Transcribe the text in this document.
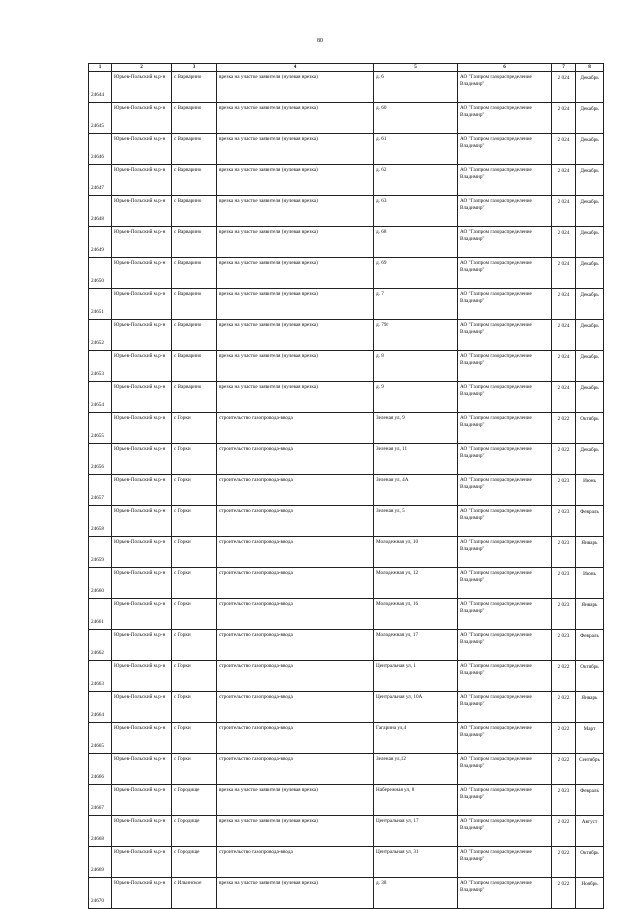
80
1	2	3	4	5	6	7	8
24644	Юрьев-Польский м.р-н	с Варварино	врезка на участке заявителя (нулевая врезка)	д. 6	АО "Газпром газораспределение Владимир"	2 024	Декабрь
24645	Юрьев-Польский м.р-н	с Варварино	врезка на участке заявителя (нулевая врезка)	д. 60	АО "Газпром газораспределение Владимир"	2 024	Декабрь
24646	Юрьев-Польский м.р-н	с Варварино	врезка на участке заявителя (нулевая врезка)	д. 61	АО "Газпром газораспределение Владимир"	2 024	Декабрь
24647	Юрьев-Польский м.р-н	с Варварино	врезка на участке заявителя (нулевая врезка)	д. 62	АО "Газпром газораспределение Владимир"	2 024	Декабрь
24648	Юрьев-Польский м.р-н	с Варварино	врезка на участке заявителя (нулевая врезка)	д. 63	АО "Газпром газораспределение Владимир"	2 024	Декабрь
24649	Юрьев-Польский м.р-н	с Варварино	врезка на участке заявителя (нулевая врезка)	д. 68	АО "Газпром газораспределение Владимир"	2 024	Декабрь
24650	Юрьев-Польский м.р-н	с Варварино	врезка на участке заявителя (нулевая врезка)	д. 69	АО "Газпром газораспределение Владимир"	2 024	Декабрь
24651	Юрьев-Польский м.р-н	с Варварино	врезка на участке заявителя (нулевая врезка)	д. 7	АО "Газпром газораспределение Владимир"	2 024	Декабрь
24652	Юрьев-Польский м.р-н	с Варварино	врезка на участке заявителя (нулевая врезка)	д. 79г	АО "Газпром газораспределение Владимир"	2 024	Декабрь
24653	Юрьев-Польский м.р-н	с Варварино	врезка на участке заявителя (нулевая врезка)	д. 8	АО "Газпром газораспределение Владимир"	2 024	Декабрь
24654	Юрьев-Польский м.р-н	с Варварино	врезка на участке заявителя (нулевая врезка)	д. 9	АО "Газпром газораспределение Владимир"	2 024	Декабрь
24655	Юрьев-Польский м.р-н	с Горки	строительство газопровода-ввода	Зеленая ул, 9	АО "Газпром газораспределение Владимир"	2 022	Октябрь
24656	Юрьев-Польский м.р-н	с Горки	строительство газопровода-ввода	Зеленая ул, 11	АО "Газпром газораспределение Владимир"	2 022	Декабрь
24657	Юрьев-Польский м.р-н	с Горки	строительство газопровода-ввода	Зеленая ул, 4А	АО "Газпром газораспределение Владимир"	2 023	Июнь
24658	Юрьев-Польский м.р-н	с Горки	строительство газопровода-ввода	Зеленая ул, 5	АО "Газпром газораспределение Владимир"	2 023	Февраль
24659	Юрьев-Польский м.р-н	с Горки	строительство газопровода-ввода	Молодежная ул, 10	АО "Газпром газораспределение Владимир"	2 023	Январь
24660	Юрьев-Польский м.р-н	с Горки	строительство газопровода-ввода	Молодежная ул, 12	АО "Газпром газораспределение Владимир"	2 023	Июнь
24661	Юрьев-Польский м.р-н	с Горки	строительство газопровода-ввода	Молодежная ул, 16	АО "Газпром газораспределение Владимир"	2 023	Январь
24662	Юрьев-Польский м.р-н	с Горки	строительство газопровода-ввода	Молодежная ул, 17	АО "Газпром газораспределение Владимир"	2 023	Февраль
24663	Юрьев-Польский м.р-н	с Горки	строительство газопровода-ввода	Центральная ул, 1	АО "Газпром газораспределение Владимир"	2 022	Октябрь
24664	Юрьев-Польский м.р-н	с Горки	строительство газопровода-ввода	Центральная ул, 10А	АО "Газпром газораспределение Владимир"	2 022	Январь
24665	Юрьев-Польский м.р-н	с Горки	строительство газопровода-ввода	Гагарина ул,4	АО "Газпром газораспределение Владимир"	2 022	Март
24666	Юрьев-Польский м.р-н	с Горки	строительство газопровода-ввода	Зеленая ул,12	АО "Газпром газораспределение Владимир"	2 022	Сентябрь
24667	Юрьев-Польский м.р-н	с Городище	врезка на участке заявителя (нулевая врезка)	Набережная ул, 8	АО "Газпром газораспределение Владимир"	2 023	Февраль
24668	Юрьев-Польский м.р-н	с Городище	врезка на участке заявителя (нулевая врезка)	Центральная ул, 17	АО "Газпром газораспределение Владимир"	2 022	Август
24669	Юрьев-Польский м.р-н	с Городище	строительство газопровода-ввода	Центральная ул, 31	АО "Газпром газораспределение Владимир"	2 022	Октябрь
24670	Юрьев-Польский м.р-н	с Ильинское	врезка на участке заявителя (нулевая врезка)	д. 38	АО "Газпром газораспределение Владимир"	2 022	Ноябрь
